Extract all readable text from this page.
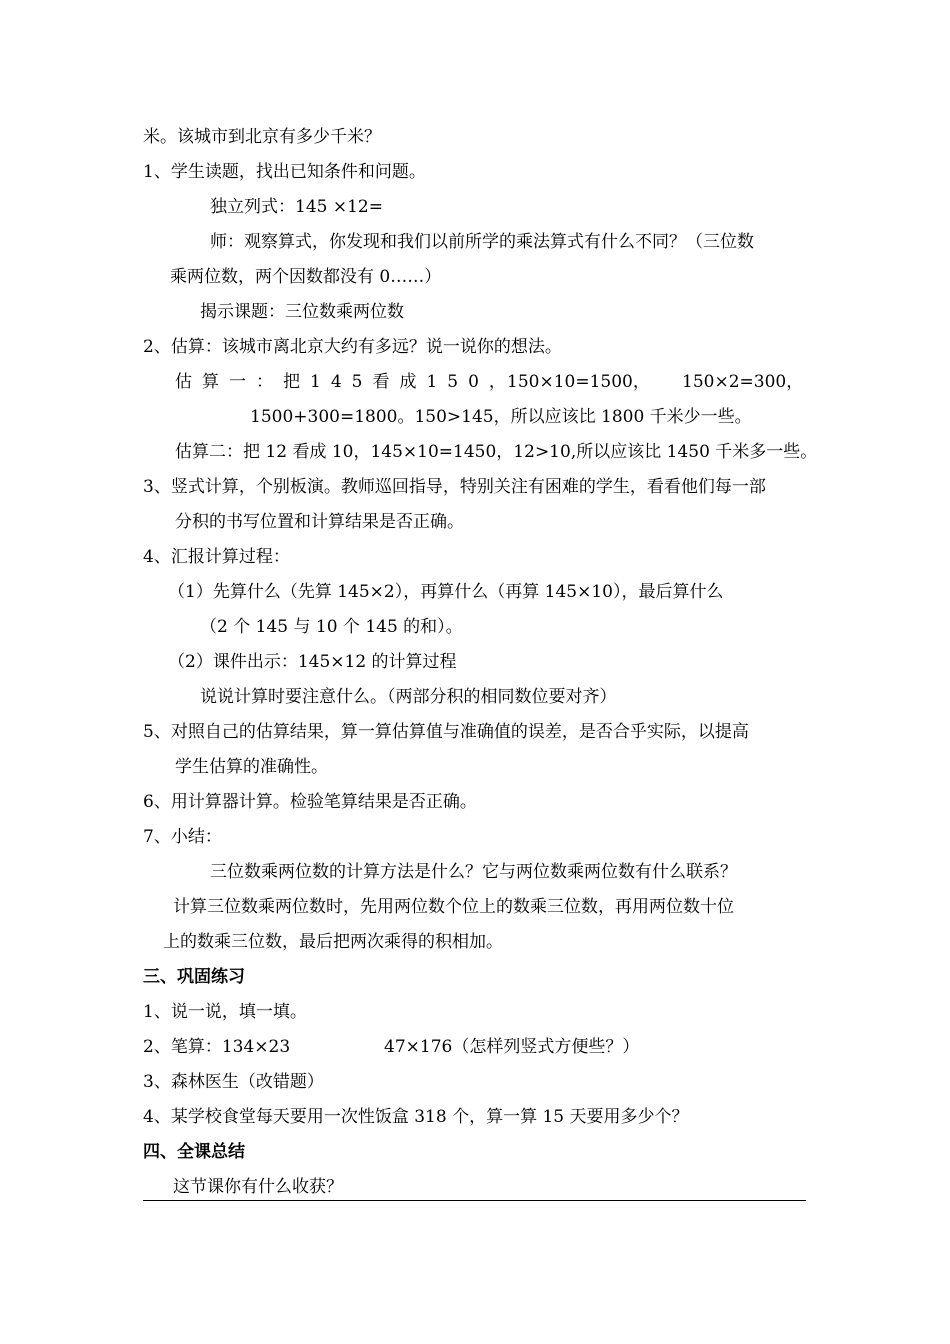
米。该城市到北京有多少千米？
1、学生读题，找出已知条件和问题。
独立列式：145 ×12=
师：观察算式，你发现和我们以前所学的乘法算式有什么不同？（三位数
乘两位数，两个因数都没有 0……）
揭示课题：三位数乘两位数
2、估算：该城市离北京大约有多远？说一说你的想法。
估算一：把145看成150，
150×10=1500， 150×2=300，
1500+300=1800。150>145，所以应该比 1800 千米少一些。
估算二：把 12 看成 10，145×10=1450，12>10,所以应该比 1450 千米多一些。
3、竖式计算，个别板演。教师巡回指导，特别关注有困难的学生，看看他们每一部
分积的书写位置和计算结果是否正确。
4、汇报计算过程：
（1）先算什么（先算 145×2），再算什么（再算 145×10），最后算什么
（2 个 145 与 10 个 145 的和）。
（2）课件出示：145×12 的计算过程
说说计算时要注意什么。（两部分积的相同数位要对齐）
5、对照自己的估算结果，算一算估算值与准确值的误差，是否合乎实际，以提高
学生估算的准确性。
6、用计算器计算。检验笔算结果是否正确。
7、小结：
三位数乘两位数的计算方法是什么？它与两位数乘两位数有什么联系？
计算三位数乘两位数时，先用两位数个位上的数乘三位数，再用两位数十位
上的数乘三位数，最后把两次乘得的积相加。
三、巩固练习
1、说一说，填一填。
2、笔算：134×23	47×176（怎样列竖式方便些？）
3、森林医生（改错题）
4、某学校食堂每天要用一次性饭盒 318 个，算一算 15 天要用多少个？
四、全课总结
这节课你有什么收获？
